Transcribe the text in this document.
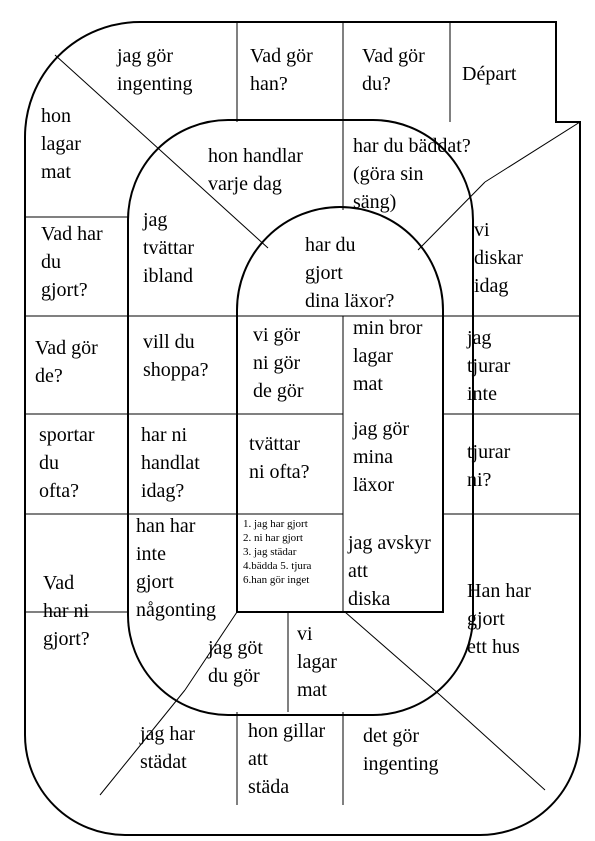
Départ
jag gör
ingenting
Vad gör
han?
Vad gör
du?
hon
lagar
mat
Vad har
du
gjort?
Vad gör
de?
sportar
du
ofta?
Vad
har ni
gjort?
jag har
städat
hon gillar
att
städa
det gör
ingenting
vi
diskar
idag
jag
tjurar
inte
tjurar
ni?
Han har
gjort
ett hus
hon handlar
varje dag
har du bäddat?
(göra sin
säng)
jag
tvättar
ibland
vill du
shoppa?
har ni
handlat
idag?
han har
inte
gjort
någonting
min bror
lagar
mat
jag gör
mina
läxor
jag avskyr
att
diska
jag göt
du gör
vi
lagar
mat
har du
gjort
dina läxor?
vi gör
ni gör
de gör
tvättar
ni ofta?
1. jag har gjort
2. ni har gjort
3. jag städar
4.bädda 5. tjura
6.han gör inget
